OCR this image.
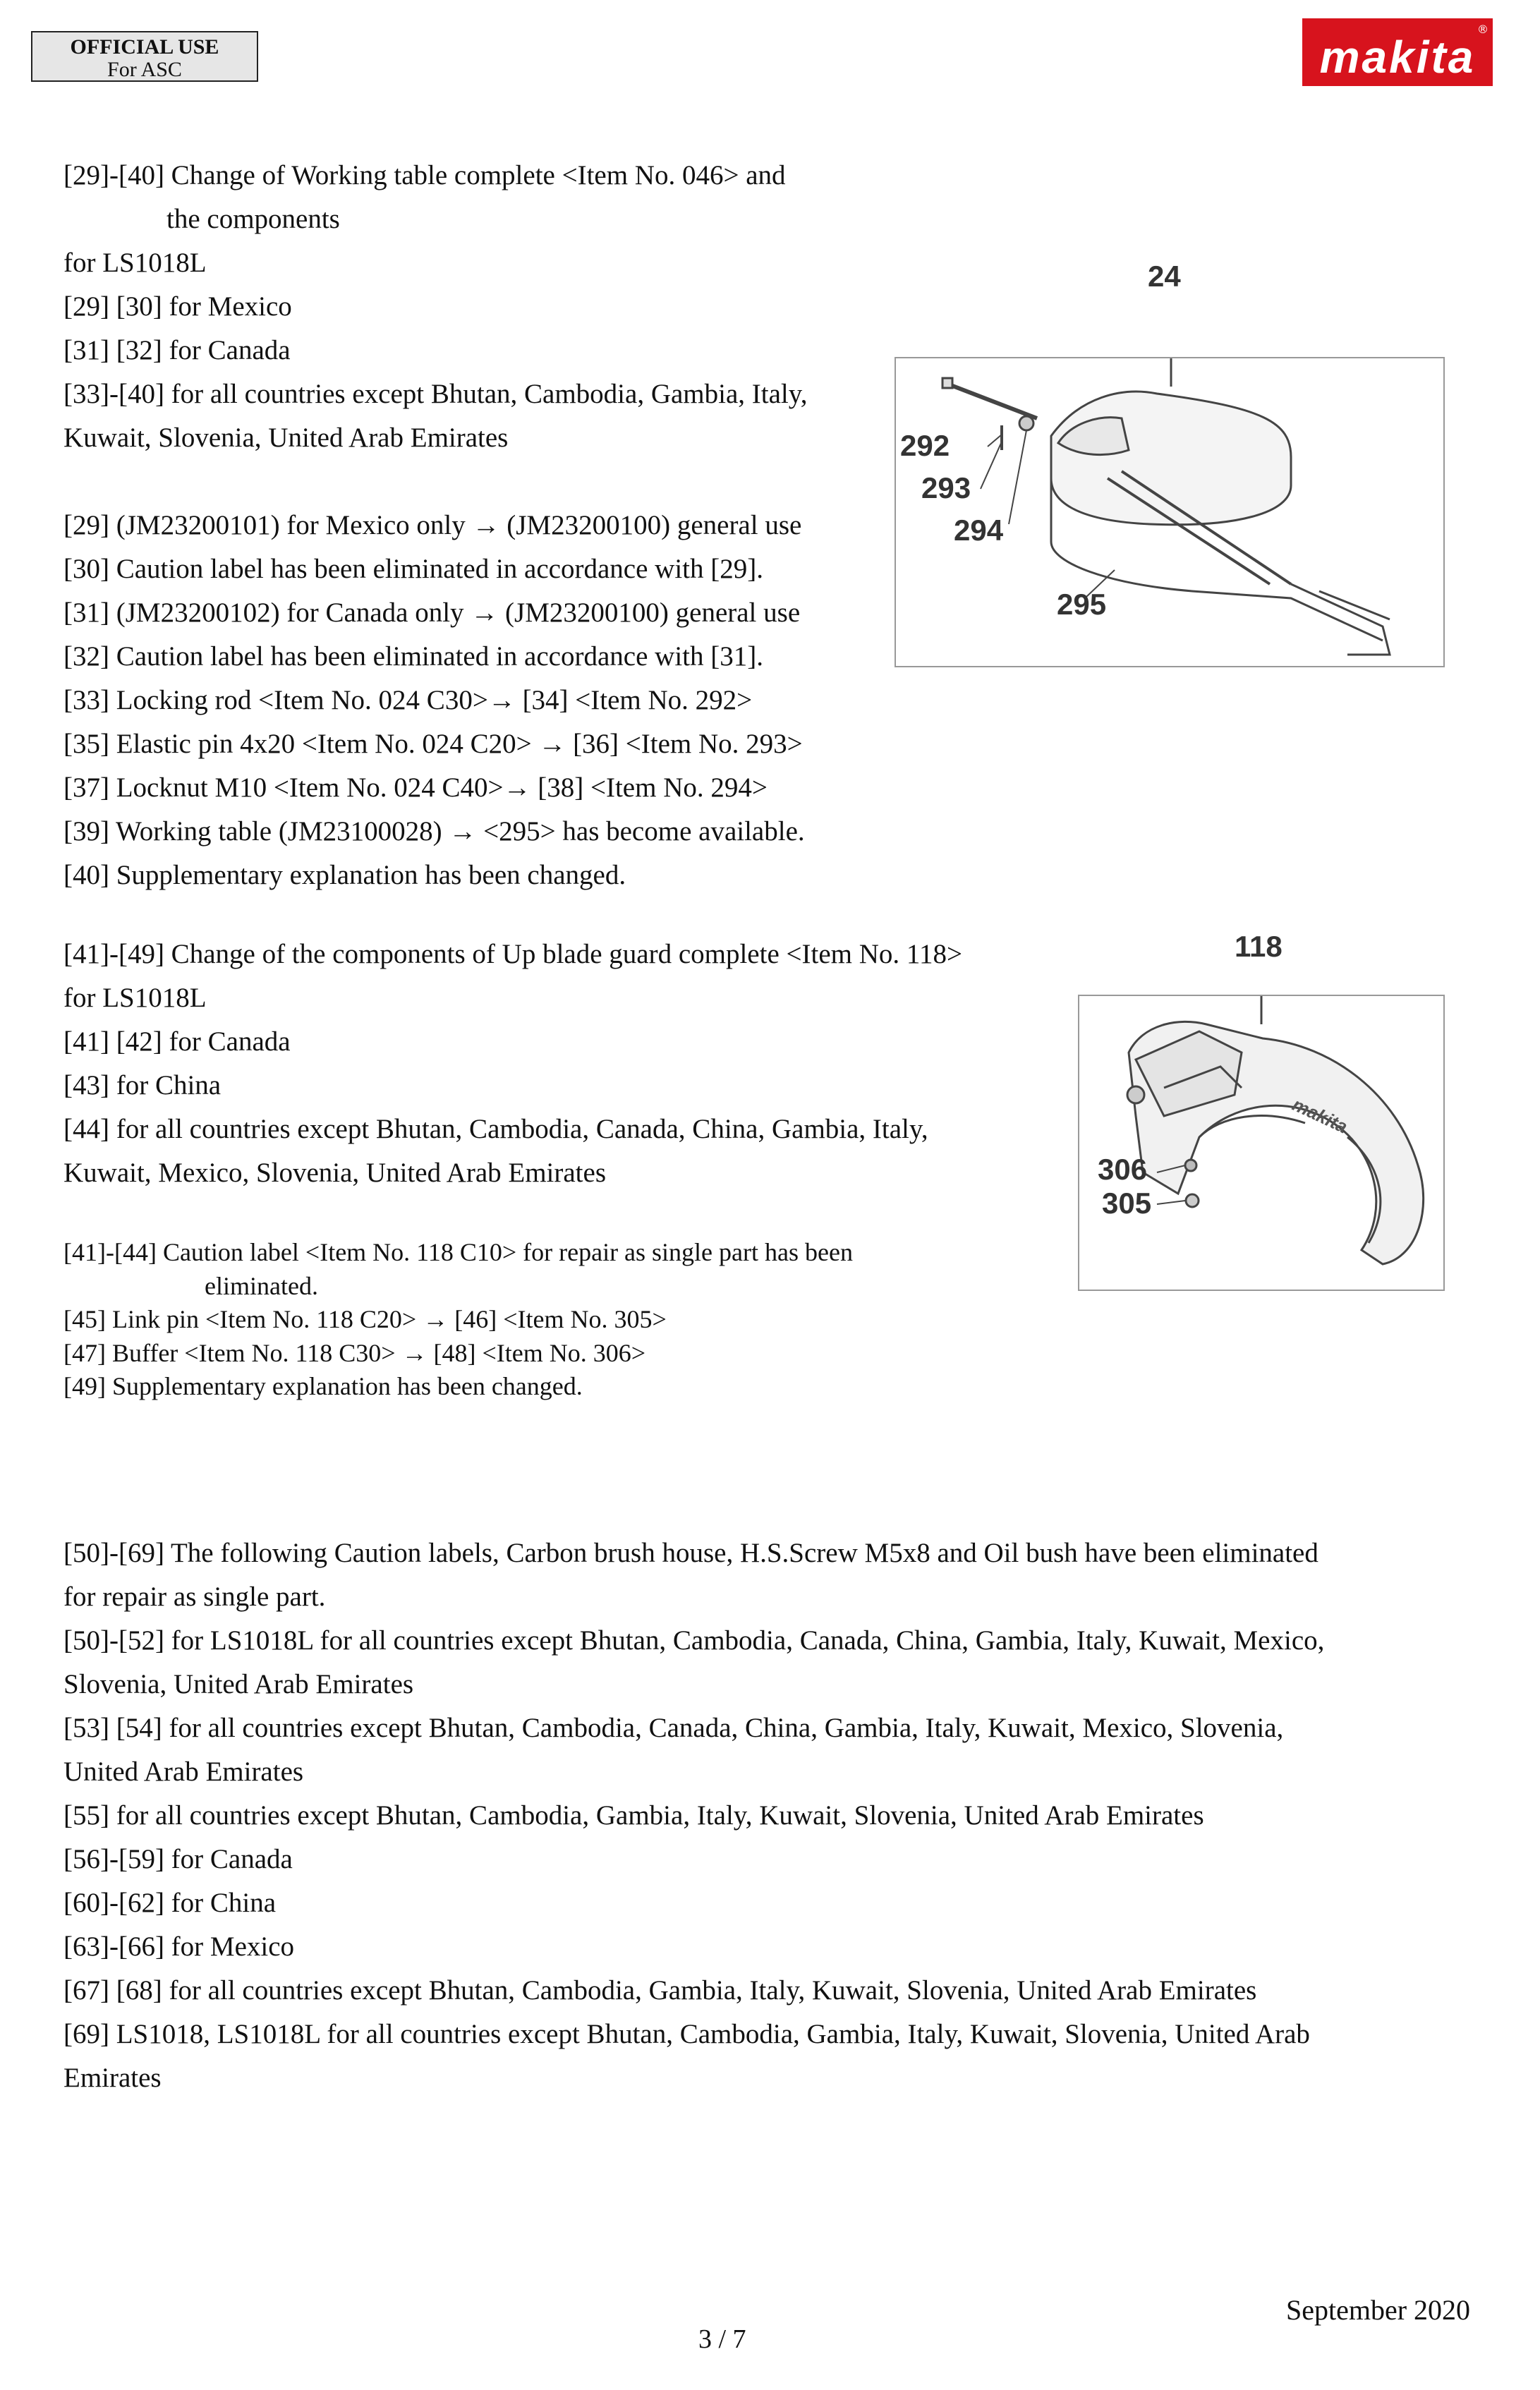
OFFICIAL USE
For ASC	makita
®
[29]-[40] Change of Working table complete <Item No. 046> and
the components
for LS1018L
[29] [30] for Mexico
[31] [32] for Canada
[33]-[40] for all countries except Bhutan, Cambodia, Gambia, Italy,
Kuwait, Slovenia, United Arab Emirates
[29] (JM23200101) for Mexico only → (JM23200100) general use
[30] Caution label has been eliminated in accordance with [29].
[31] (JM23200102) for Canada only → (JM23200100) general use
[32] Caution label has been eliminated in accordance with [31].
[33] Locking rod <Item No. 024 C30>→ [34] <Item No. 292>
[35] Elastic pin 4x20 <Item No. 024 C20> → [36] <Item No. 293>
[37] Locknut M10 <Item No. 024 C40>→ [38] <Item No. 294>
[39] Working table (JM23100028) → <295> has become available.
[40] Supplementary explanation has been changed.
24
292
293
294
295
[41]-[49] Change of the components of Up blade guard complete <Item No. 118>
for LS1018L
[41] [42] for Canada
[43] for China
[44] for all countries except Bhutan, Cambodia, Canada, China, Gambia, Italy,
Kuwait, Mexico, Slovenia, United Arab Emirates
[41]-[44] Caution label <Item No. 118 C10> for repair as single part has been
eliminated.
[45] Link pin <Item No. 118 C20> → [46] <Item No. 305>
[47] Buffer <Item No. 118 C30> → [48] <Item No. 306>
[49] Supplementary explanation has been changed.
118
makita
306
305
[50]-[69] The following Caution labels, Carbon brush house, H.S.Screw M5x8 and Oil bush have been eliminated
for repair as single part.
[50]-[52] for LS1018L for all countries except Bhutan, Cambodia, Canada, China, Gambia, Italy, Kuwait, Mexico,
Slovenia, United Arab Emirates
[53] [54] for all countries except Bhutan, Cambodia, Canada, China, Gambia, Italy, Kuwait, Mexico, Slovenia,
United Arab Emirates
[55] for all countries except Bhutan, Cambodia, Gambia, Italy, Kuwait, Slovenia, United Arab Emirates
[56]-[59] for Canada
[60]-[62] for China
[63]-[66] for Mexico
[67] [68] for all countries except Bhutan, Cambodia, Gambia, Italy, Kuwait, Slovenia, United Arab Emirates
[69] LS1018, LS1018L for all countries except Bhutan, Cambodia, Gambia, Italy, Kuwait, Slovenia, United Arab
Emirates
September 2020
3 / 7
